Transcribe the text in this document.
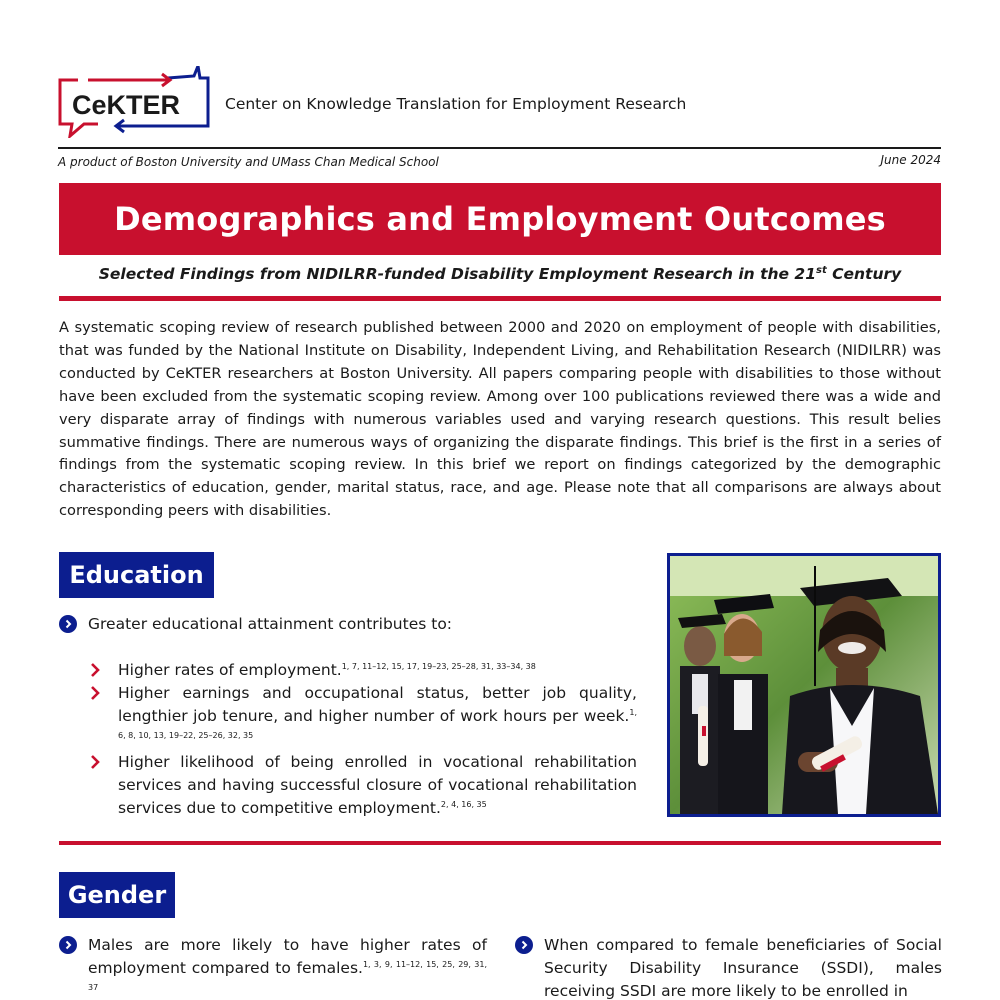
CeKTER	Center on Knowledge Translation for Employment Research
A product of Boston University and UMass Chan Medical School	June 2024
Demographics and Employment Outcomes
Selected Findings from NIDILRR-funded Disability Employment Research in the 21st Century

A systematic scoping review of research published between 2000 and 2020 on employment of people with disabilities, that was funded by the National Institute on Disability, Independent Living, and Rehabilitation Research (NIDILRR) was conducted by CeKTER researchers at Boston University. All papers comparing people with disabilities to those without have been excluded from the systematic scoping review. Among over 100 publications reviewed there was a wide and very disparate array of findings with numerous variables used and varying research questions. This result belies summative findings. There are numerous ways of organizing the disparate findings. This brief is the first in a series of findings from the systematic scoping review. In this brief we report on findings categorized by the demographic characteristics of education, gender, marital status, race, and age. Please note that all comparisons are always about corresponding peers with disabilities.

Education
Greater educational attainment contributes to:
Higher rates of employment.$^{1, 7, 11-12, 15, 17, 19-23, 25-28, 31, 33-34, 38}$
Higher earnings and occupational status, better job quality, lengthier job tenure, and higher number of work hours per week.$^{1, 6, 8, 10, 13, 19-22, 25-26, 32, 35}$
Higher likelihood of being enrolled in vocational rehabilitation services and having successful closure of vocational rehabilitation services due to competitive employment.$^{2, 4, 16, 35}$
Gender
Males are more likely to have higher rates of employment compared to females.$^{1, 3, 9, 11-12, 15, 25, 29, 31, 37}$
When compared to female beneficiaries of Social Security Disability Insurance (SSDI), males receiving SSDI are more likely to be enrolled in
